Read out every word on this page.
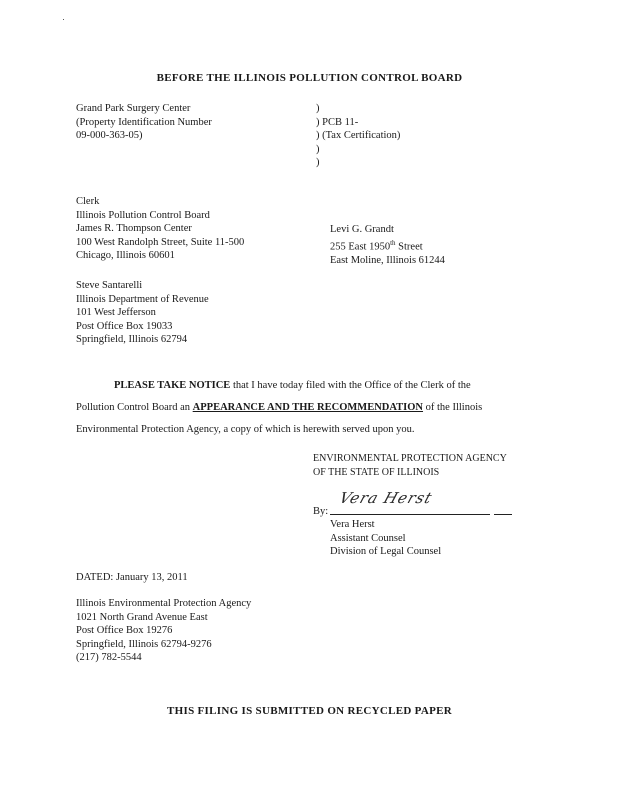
BEFORE THE ILLINOIS POLLUTION CONTROL BOARD
Grand Park Surgery Center
(Property Identification Number
09-000-363-05)
)
) PCB 11-
) (Tax Certification)
)
)
Clerk
Illinois Pollution Control Board
James R. Thompson Center
100 West Randolph Street, Suite 11-500
Chicago, Illinois 60601
Levi G. Grandt
255 East 1950th Street
East Moline, Illinois 61244
Steve Santarelli
Illinois Department of Revenue
101 West Jefferson
Post Office Box 19033
Springfield, Illinois 62794
PLEASE TAKE NOTICE that I have today filed with the Office of the Clerk of the
Pollution Control Board an APPEARANCE AND THE RECOMMENDATION of the Illinois
Environmental Protection Agency, a copy of which is herewith served upon you.
ENVIRONMENTAL PROTECTION AGENCY
OF THE STATE OF ILLINOIS
By:
Vera Herst
Vera Herst
Assistant Counsel
Division of Legal Counsel
DATED: January 13, 2011
Illinois Environmental Protection Agency
1021 North Grand Avenue East
Post Office Box 19276
Springfield, Illinois 62794-9276
(217) 782-5544
THIS FILING IS SUBMITTED ON RECYCLED PAPER
